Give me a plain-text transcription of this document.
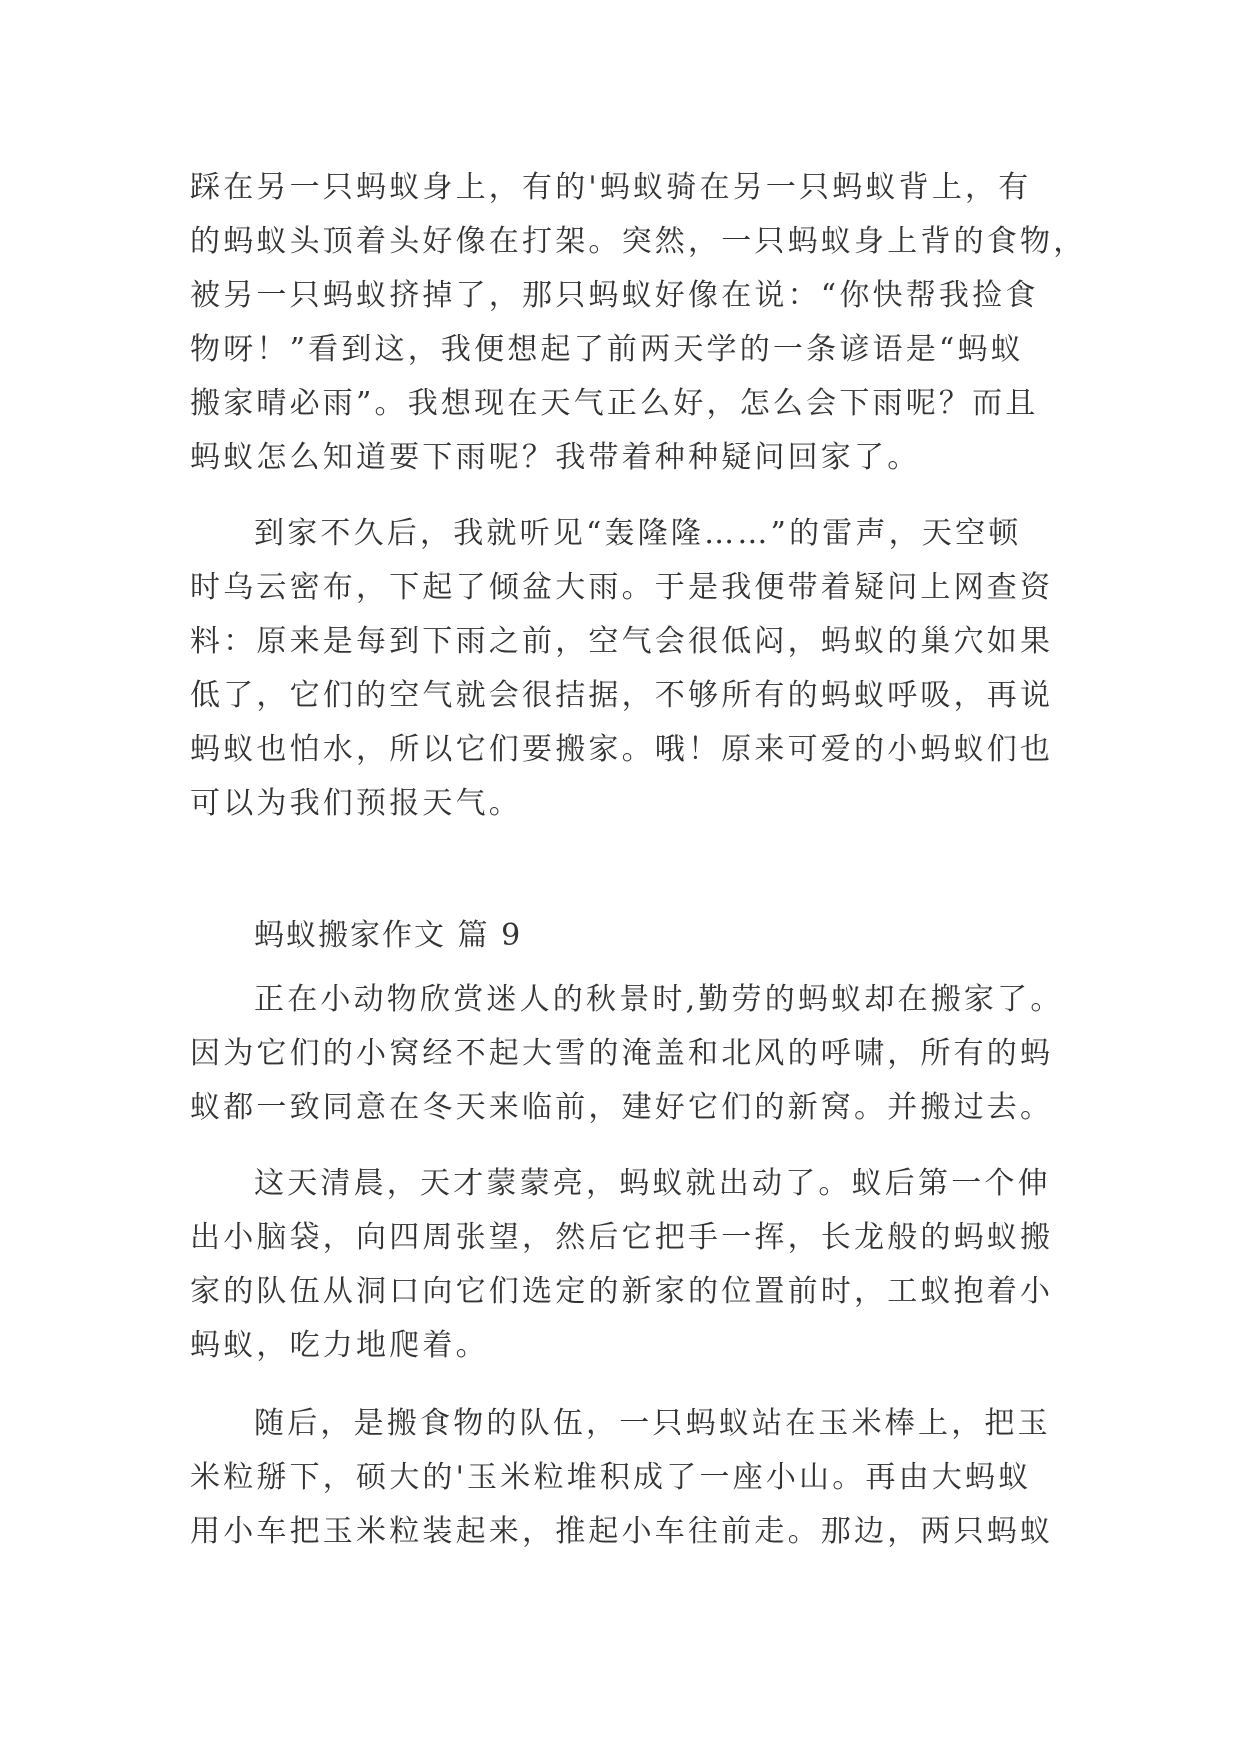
踩在另一只蚂蚁身上，有的'蚂蚁骑在另一只蚂蚁背上，有
的蚂蚁头顶着头好像在打架。突然，一只蚂蚁身上背的食物，
被另一只蚂蚁挤掉了，那只蚂蚁好像在说：“你快帮我捡食
物呀！”看到这，我便想起了前两天学的一条谚语是“蚂蚁
搬家晴必雨”。我想现在天气正么好，怎么会下雨呢？而且
蚂蚁怎么知道要下雨呢？我带着种种疑问回家了。
到家不久后，我就听见“轰隆隆……”的雷声，天空顿
时乌云密布，下起了倾盆大雨。于是我便带着疑问上网查资
料：原来是每到下雨之前，空气会很低闷，蚂蚁的巢穴如果
低了，它们的空气就会很拮据，不够所有的蚂蚁呼吸，再说
蚂蚁也怕水，所以它们要搬家。哦！原来可爱的小蚂蚁们也
可以为我们预报天气。
蚂蚁搬家作文 篇 9
正在小动物欣赏迷人的秋景时,勤劳的蚂蚁却在搬家了。
因为它们的小窝经不起大雪的淹盖和北风的呼啸，所有的蚂
蚁都一致同意在冬天来临前，建好它们的新窝。并搬过去。
这天清晨，天才蒙蒙亮，蚂蚁就出动了。蚁后第一个伸
出小脑袋，向四周张望，然后它把手一挥，长龙般的蚂蚁搬
家的队伍从洞口向它们选定的新家的位置前时，工蚁抱着小
蚂蚁，吃力地爬着。
随后，是搬食物的队伍，一只蚂蚁站在玉米棒上，把玉
米粒掰下，硕大的'玉米粒堆积成了一座小山。再由大蚂蚁
用小车把玉米粒装起来，推起小车往前走。那边，两只蚂蚁
